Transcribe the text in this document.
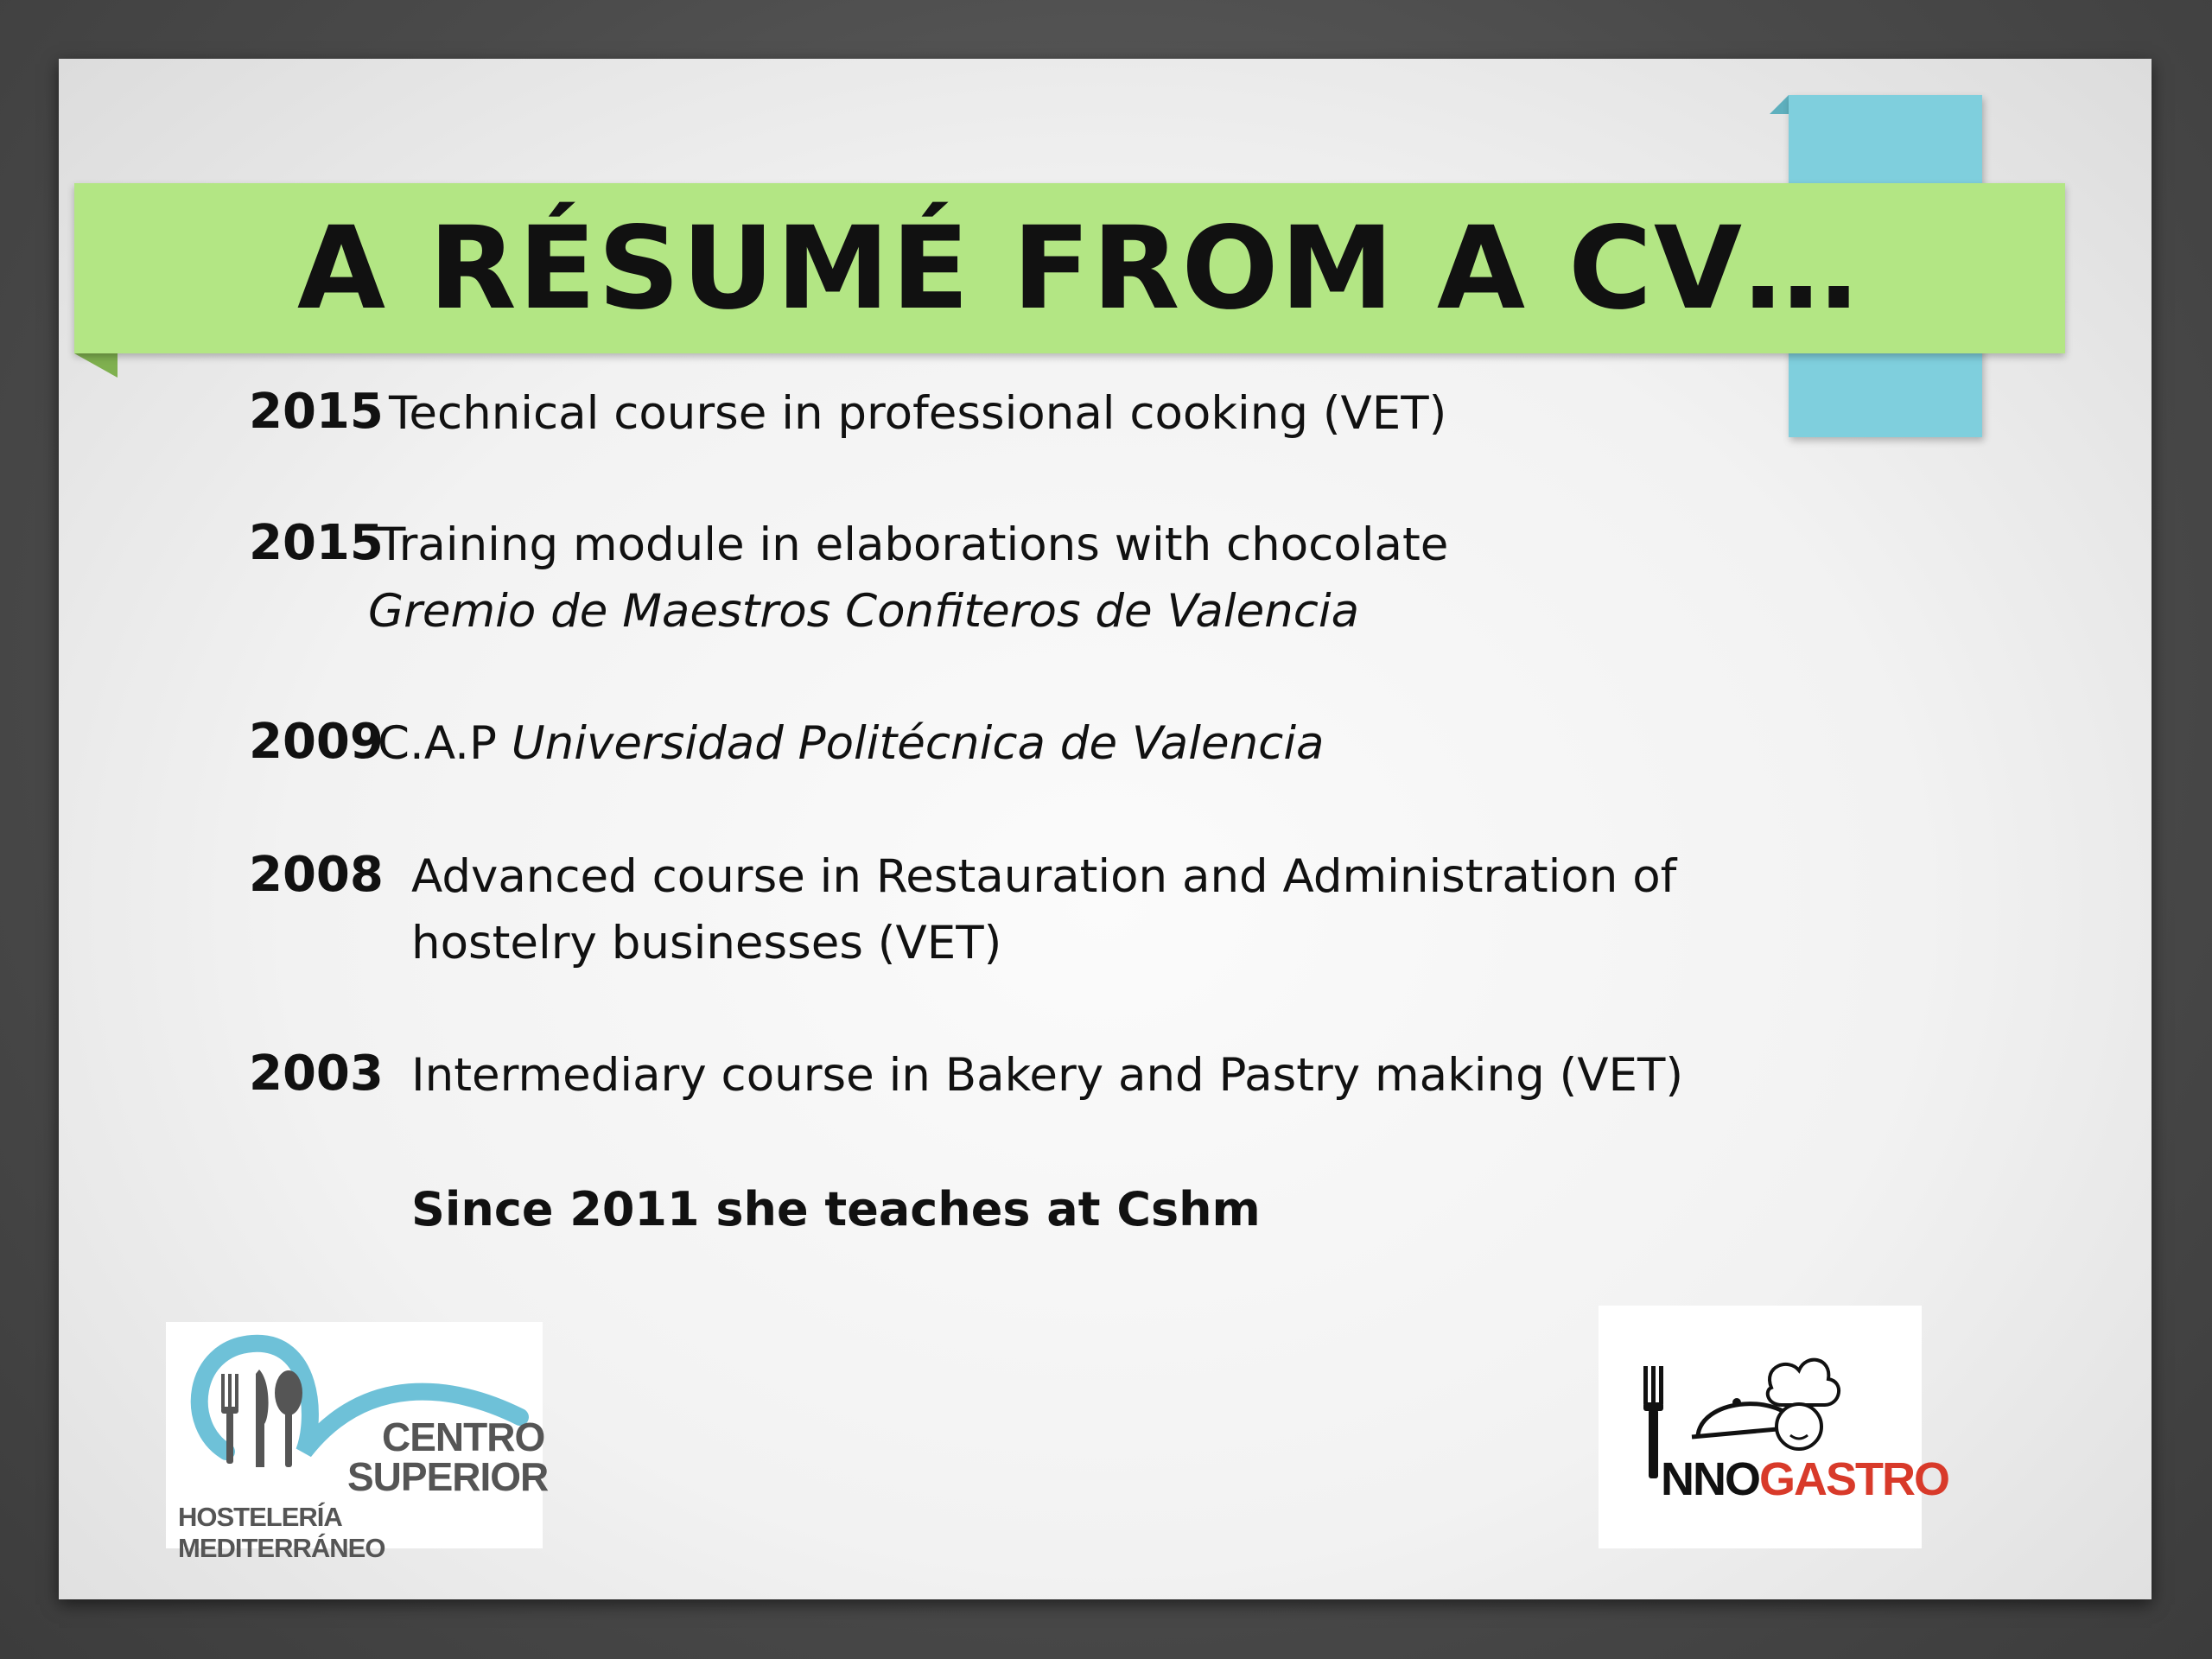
A RÉSUMÉ FROM A CV…
2015 Technical course in professional cooking (VET)
2015
Training module in elaborations with chocolate
Gremio de Maestros Confiteros de Valencia
2009
C.A.P Universidad Politécnica de Valencia
2008 Advanced course in Restauration and Administration of
hostelry businesses (VET)
2003 Intermediary course in Bakery and Pastry making (VET)
Since 2011 she teaches at Cshm
CENTRO
SUPERIOR
HOSTELERÍA MEDITERRÁNEO
NNOGASTRO
